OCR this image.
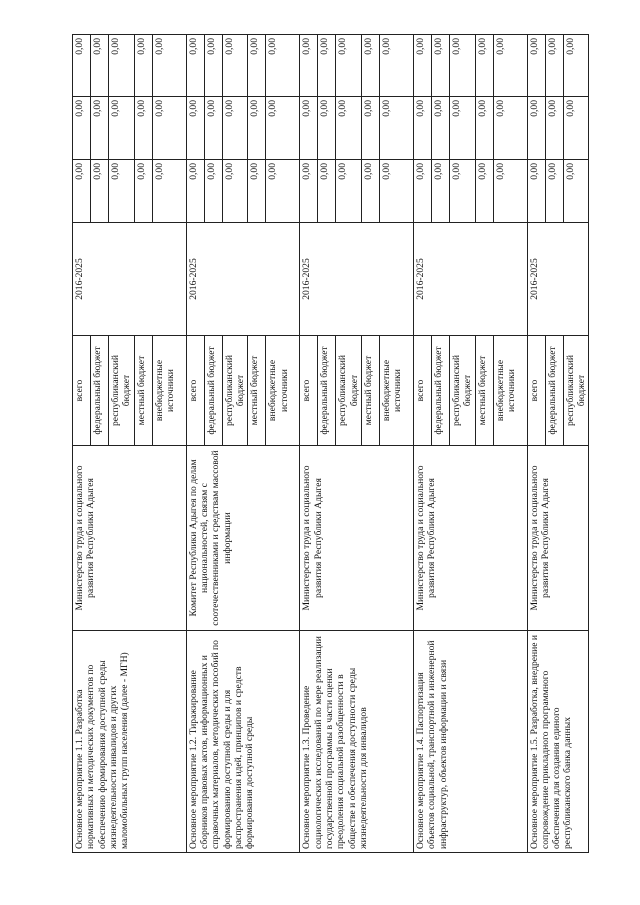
Основное мероприятие 1.1. Разработка нормативных и методических документов по обеспечению формирования доступной среды жизнедеятельности инвалидов и других маломобильных групп населения (далее - МГН)	Министерство труда и социального развития Республики Адыгея	всего	2016-2025	0,00	0,00	0,00
		федеральный бюджет		0,00	0,00	0,00
		республиканский бюджет		0,00	0,00	0,00
		местный бюджет		0,00	0,00	0,00
		внебюджетные источники		0,00	0,00	0,00
Основное мероприятие 1.2. Тиражирование сборников правовых актов, информационных и справочных материалов, методических пособий по формированию доступной среды и для распространения идей, принципов и средств формирования доступной среды	Комитет Республики Адыгея по делам национальностей, связям с соотечественниками и средствам массовой информации	всего	2016-2025	0,00	0,00	0,00
		федеральный бюджет		0,00	0,00	0,00
		республиканский бюджет		0,00	0,00	0,00
		местный бюджет		0,00	0,00	0,00
		внебюджетные источники		0,00	0,00	0,00
Основное мероприятие 1.3. Проведение социологических исследований по мере реализации государственной программы в части оценки преодоления социальной разобщенности в обществе и обеспечения доступности среды жизнедеятельности для инвалидов	Министерство труда и социального развития Республики Адыгея	всего	2016-2025	0,00	0,00	0,00
		федеральный бюджет		0,00	0,00	0,00
		республиканский бюджет		0,00	0,00	0,00
		местный бюджет		0,00	0,00	0,00
		внебюджетные источники		0,00	0,00	0,00
Основное мероприятие 1.4. Паспортизация объектов социальной, транспортной и инженерной инфраструктур, объектов информации и связи	Министерство труда и социального развития Республики Адыгея	всего	2016-2025	0,00	0,00	0,00
		федеральный бюджет		0,00	0,00	0,00
		республиканский бюджет		0,00	0,00	0,00
		местный бюджет		0,00	0,00	0,00
		внебюджетные источники		0,00	0,00	0,00
Основное мероприятие 1.5. Разработка, внедрение и сопровождение прикладного программного обеспечения для создания единого республиканского банка данных	Министерство труда и социального развития Республики Адыгея	всего	2016-2025	0,00	0,00	0,00
		федеральный бюджет		0,00	0,00	0,00
		республиканский бюджет		0,00	0,00	0,00
